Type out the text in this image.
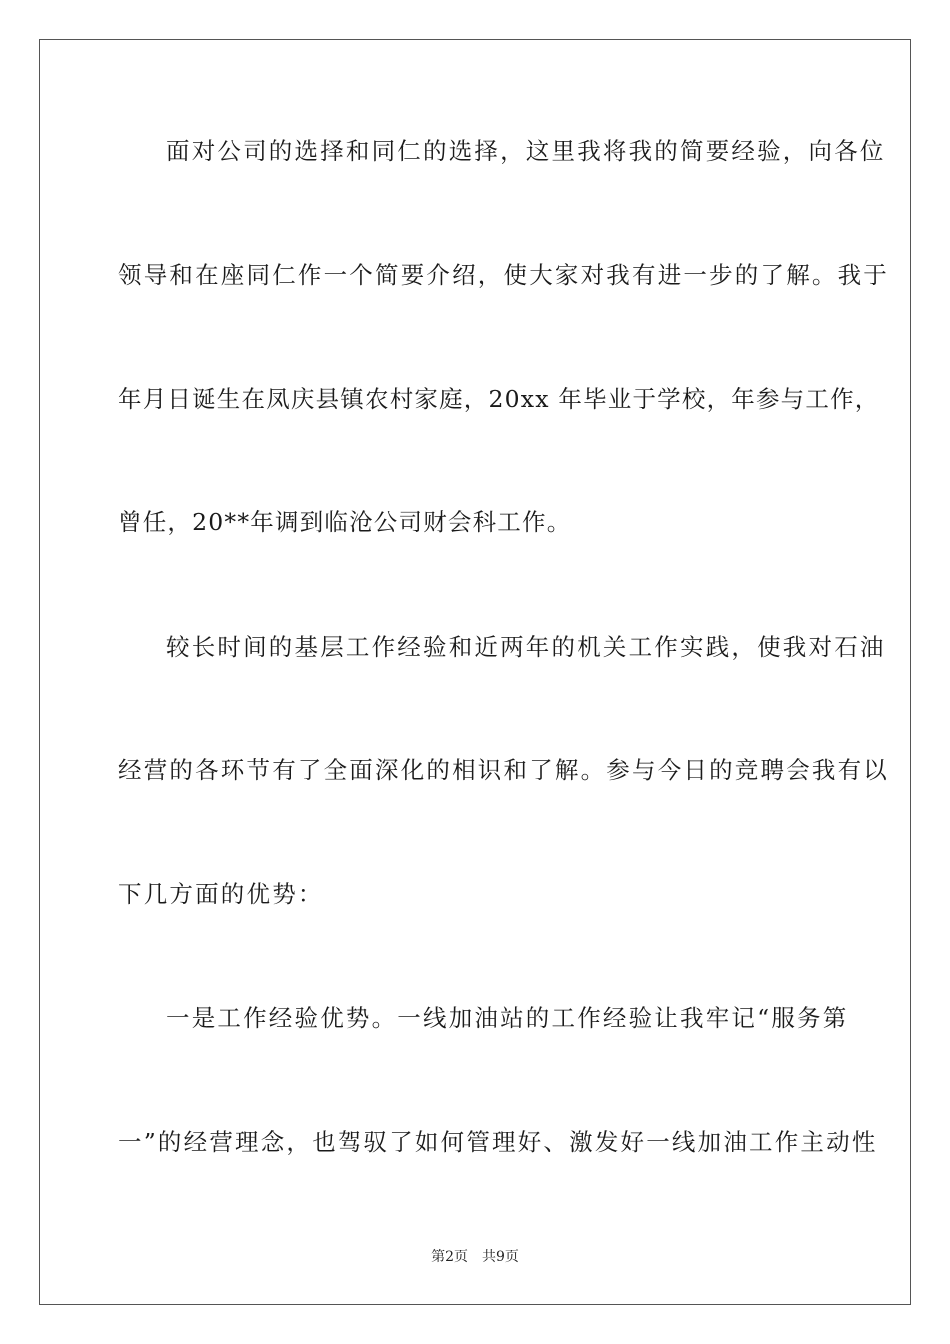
面对公司的选择和同仁的选择，这里我将我的简要经验，向各位
领导和在座同仁作一个简要介绍，使大家对我有进一步的了解。我于
年月日诞生在凤庆县镇农村家庭，20xx 年毕业于学校，年参与工作，
曾任，20**年调到临沧公司财会科工作。
较长时间的基层工作经验和近两年的机关工作实践，使我对石油
经营的各环节有了全面深化的相识和了解。参与今日的竞聘会我有以
下几方面的优势：
一是工作经验优势。一线加油站的工作经验让我牢记“服务第
一”的经营理念，也驾驭了如何管理好、激发好一线加油工作主动性
第2页 共9页
